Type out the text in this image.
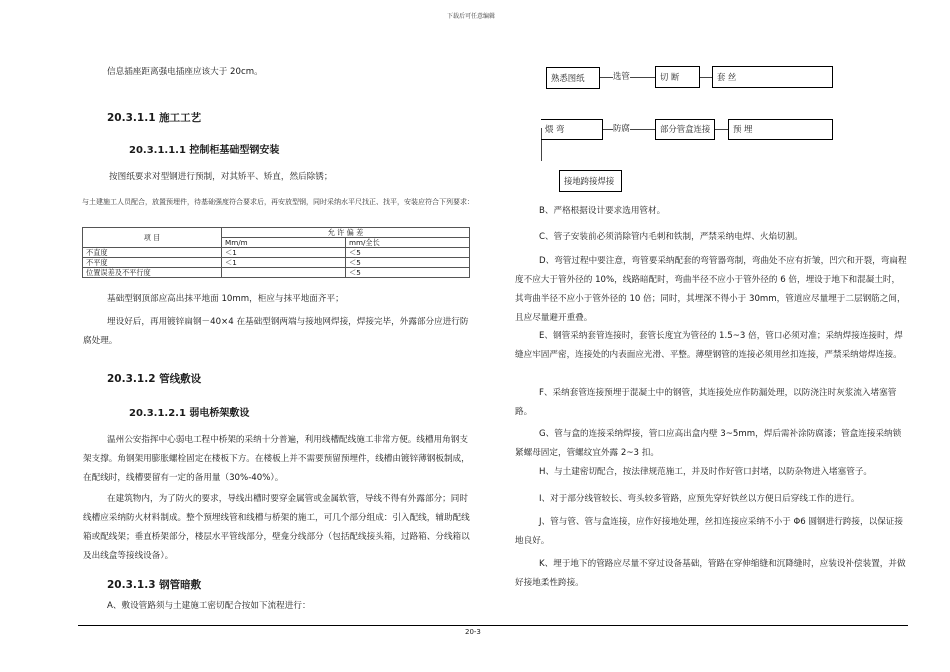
下载后可任意编辑
信息插座距离强电插座应该大于 20cm。
20.3.1.1 施工工艺
20.3.1.1.1 控制柜基础型钢安装
按图纸要求对型钢进行预制，对其矫平、矫直，然后除锈；
与土建施工人员配合，放置预埋件，待基础强度符合要求后，再安放型钢，同时采纳水平尺找正、找平，安装应符合下列要求：
项 目	允 许 偏 差	
	Mm/m	mm/全长
不直度	＜1	＜5
不平度	＜1	＜5
位置误差及不平行度		＜5
基础型钢顶部应高出抹平地面 10mm，柜应与抹平地面齐平；
埋设好后，再用镀锌扁钢－40×4 在基础型钢两端与接地网焊接，焊接完毕，外露部分应进行防腐处理。
20.3.1.2 管线敷设
20.3.1.2.1 弱电桥架敷设
温州公安指挥中心弱电工程中桥架的采纳十分普遍，利用线槽配线施工非常方便。线槽用角钢支架支撑。角钢架用膨胀螺栓固定在楼板下方。在楼板上并不需要预留预埋件，线槽由镀锌薄钢板制成，在配线时，线槽要留有一定的备用量（30%-40%）。
在建筑物内，为了防火的要求，导线出槽时要穿金属管或金属软管，导线不得有外露部分；同时线槽应采纳防火材料制成。整个预埋线管和线槽与桥架的施工，可几个部分组成：引入配线，辅助配线箱或配线架；垂直桥架部分，楼层水平管线部分，壁龛分线部分（包括配线接头箱，过路箱、分线箱以及出线盒等接线设备）。
20.3.1.3 钢管暗敷
A、敷设管路须与土建施工密切配合按如下流程进行：
熟悉图纸	选管	切 断	套 丝
煨 弯	防腐	部分管盒连接	预 埋
接地跨接焊接
B、严格根据设计要求选用管材。
C、管子安装前必须消除管内毛刺和铁制，严禁采纳电焊、火焰切割。
D、弯管过程中要注意，弯管要采纳配套的弯管器弯制，弯曲处不应有折皱，凹穴和开裂，弯扁程度不应大于管外径的 10%，线路暗配时，弯曲半径不应小于管外径的 6 倍，埋设于地下和混凝土时，其弯曲半径不应小于管外径的 10 倍；同时，其埋深不得小于 30mm，管道应尽量埋于二层钢筋之间，且应尽量避开重叠。
E、钢管采纳套管连接时，套管长度宜为管径的 1.5~3 倍，管口必须对准；采纳焊接连接时，焊缝应牢固严密，连接处的内表面应光滑、平整。薄壁钢管的连接必须用丝扣连接，严禁采纳熔焊连接。
F、采纳套管连接预埋于混凝土中的钢管，其连接处应作防漏处理，以防浇注时灰浆流入堵塞管路。
G、管与盒的连接采纳焊接，管口应高出盒内壁 3~5mm，焊后需补涂防腐漆；管盒连接采纳锁紧螺母固定，管螺纹宜外露 2~3 扣。
H、与土建密切配合，按法律规范施工，并及时作好管口封堵，以防杂物进入堵塞管子。
I、对于部分线管较长、弯头较多管路，应预先穿好铁丝以方便日后穿线工作的进行。
J、管与管、管与盒连接，应作好接地处理，丝扣连接应采纳不小于 Φ6 圆钢进行跨接，以保证接地良好。
K、埋于地下的管路应尽量不穿过设备基础，管路在穿伸缩缝和沉降缝时，应装设补偿装置，并做好接地柔性跨接。
20-3
